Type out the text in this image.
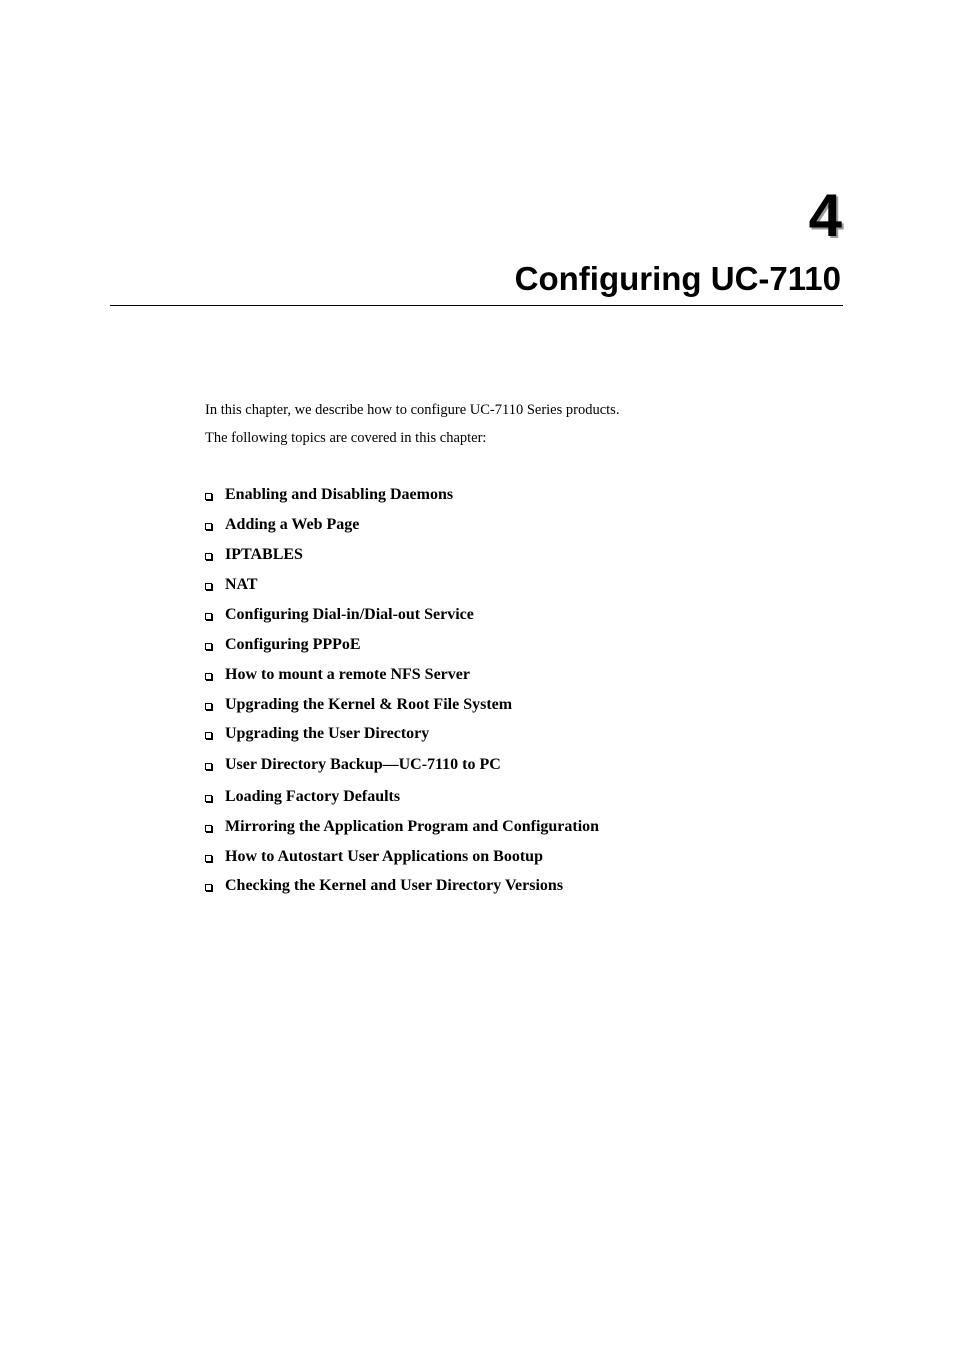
4
Configuring UC-7110
In this chapter, we describe how to configure UC-7110 Series products.
The following topics are covered in this chapter:
Enabling and Disabling Daemons
Adding a Web Page
IPTABLES
NAT
Configuring Dial-in/Dial-out Service
Configuring PPPoE
How to mount a remote NFS Server
Upgrading the Kernel & Root File System
Upgrading the User Directory
User Directory Backup—UC-7110 to PC
Loading Factory Defaults
Mirroring the Application Program and Configuration
How to Autostart User Applications on Bootup
Checking the Kernel and User Directory Versions
